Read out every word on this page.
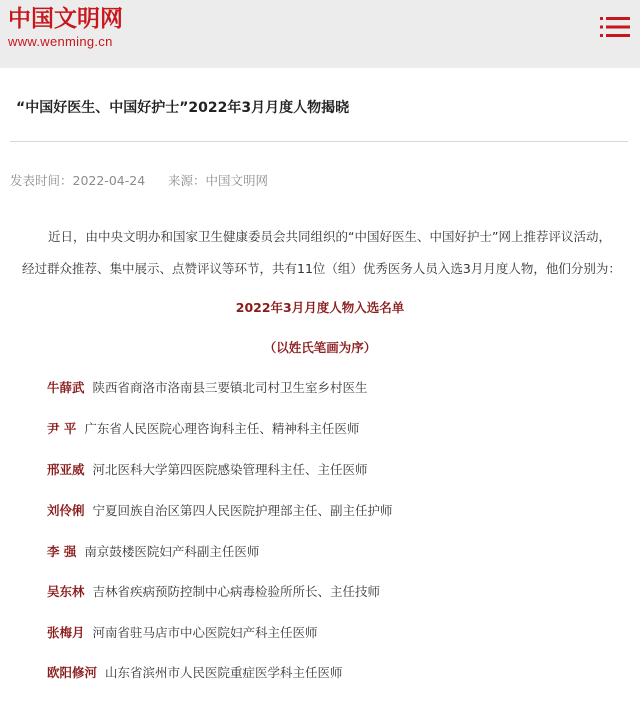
中国文明网
www.wenming.cn
“中国好医生、中国好护士”2022年3月月度人物揭晓
发表时间：2022-04-24 来源：中国文明网
近日，由中央文明办和国家卫生健康委员会共同组织的“中国好医生、中国好护士”网上推荐评议活动，
经过群众推荐、集中展示、点赞评议等环节，共有11位（组）优秀医务人员入选3月月度人物，他们分别为：
2022年3月月度人物入选名单
（以姓氏笔画为序）
牛薛武 陕西省商洛市洛南县三要镇北司村卫生室乡村医生
尹 平 广东省人民医院心理咨询科主任、精神科主任医师
邢亚威 河北医科大学第四医院感染管理科主任、主任医师
刘伶俐 宁夏回族自治区第四人民医院护理部主任、副主任护师
李 强 南京鼓楼医院妇产科副主任医师
吴东林 吉林省疾病预防控制中心病毒检验所所长、主任技师
张梅月 河南省驻马店市中心医院妇产科主任医师
欧阳修河 山东省滨州市人民医院重症医学科主任医师
